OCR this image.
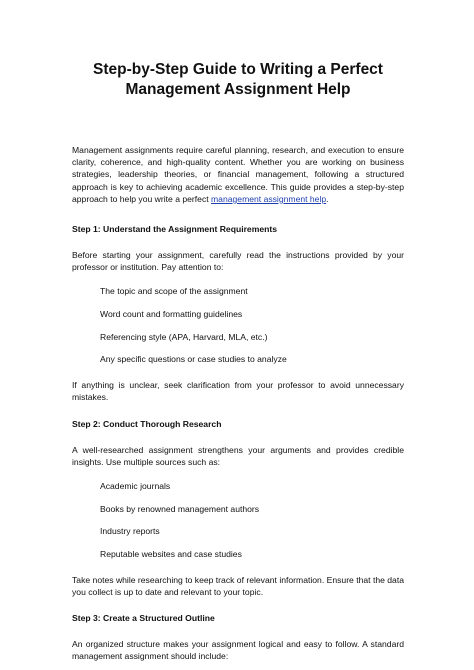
Step-by-Step Guide to Writing a Perfect
Management Assignment Help

Management assignments require careful planning, research, and execution to ensure clarity, coherence, and high-quality content. Whether you are working on business strategies, leadership theories, or financial management, following a structured approach is key to achieving academic excellence. This guide provides a step-by-step approach to help you write a perfect management assignment help.

Step 1: Understand the Assignment Requirements

Before starting your assignment, carefully read the instructions provided by your professor or institution. Pay attention to:

The topic and scope of the assignment
Word count and formatting guidelines
Referencing style (APA, Harvard, MLA, etc.)
Any specific questions or case studies to analyze

If anything is unclear, seek clarification from your professor to avoid unnecessary mistakes.

Step 2: Conduct Thorough Research

A well-researched assignment strengthens your arguments and provides credible insights. Use multiple sources such as:

Academic journals
Books by renowned management authors
Industry reports
Reputable websites and case studies

Take notes while researching to keep track of relevant information. Ensure that the data you collect is up to date and relevant to your topic.

Step 3: Create a Structured Outline

An organized structure makes your assignment logical and easy to follow. A standard management assignment should include:
